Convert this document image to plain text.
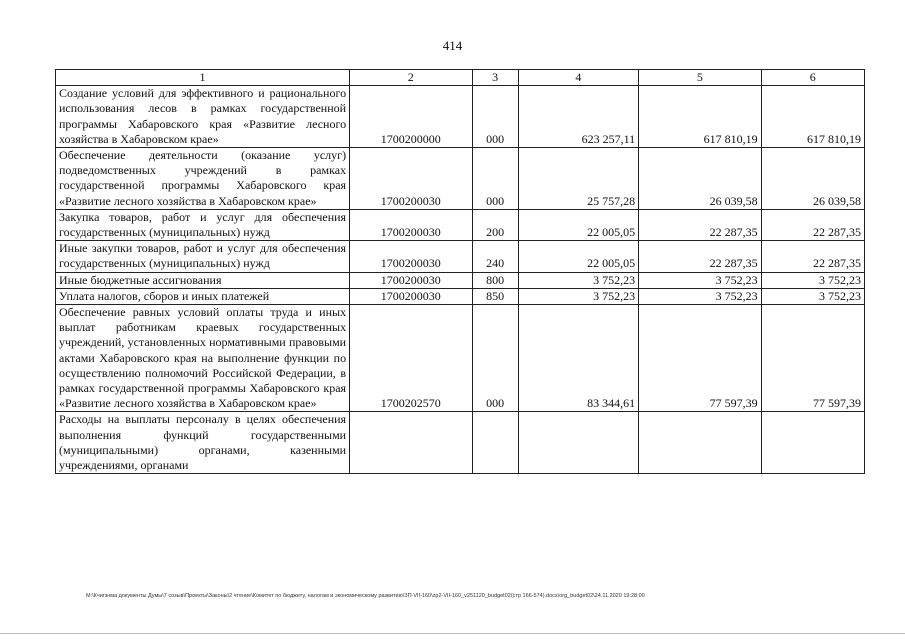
414
1	2	3	4	5	6
Создание условий для эффективного и рационального использования лесов в рамках государственной программы Хабаровского края «Развитие лесного хозяйства в Хабаровском крае»	1700200000	000	623 257,11	617 810,19	617 810,19
Обеспечение деятельности (оказание услуг) подведомственных учреждений в рамках государственной программы Хабаровского края «Развитие лесного хозяйства в Хабаровском крае»	1700200030	000	25 757,28	26 039,58	26 039,58
Закупка товаров, работ и услуг для обеспечения государственных (муниципальных) нужд	1700200030	200	22 005,05	22 287,35	22 287,35
Иные закупки товаров, работ и услуг для обеспечения государственных (муниципальных) нужд	1700200030	240	22 005,05	22 287,35	22 287,35
Иные бюджетные ассигнования	1700200030	800	3 752,23	3 752,23	3 752,23
Уплата налогов, сборов и иных платежей	1700200030	850	3 752,23	3 752,23	3 752,23
Обеспечение равных условий оплаты труда и иных выплат работникам краевых государственных учреждений, установленных нормативными правовыми актами Хабаровского края на выполнение функции по осуществлению полномочий Российской Федерации, в рамках государственной программы Хабаровского края «Развитие лесного хозяйства в Хабаровском крае»	1700202570	000	83 344,61	77 597,39	77 597,39
Расходы на выплаты персоналу в целях обеспечения выполнения функций государственными (муниципальными) органами, казенными учреждениями, органами					
M:\Кчигзнма документы Думы\7 созыв\Проекты\Законы\2 чтение\Комитет по бюджету, налогам и экономическому развитию\ЗП-VII-160\zp2-VII-160_v251120_budget02(стр 166-574).docx\org_budget02\24.11.2020 19:28:00
